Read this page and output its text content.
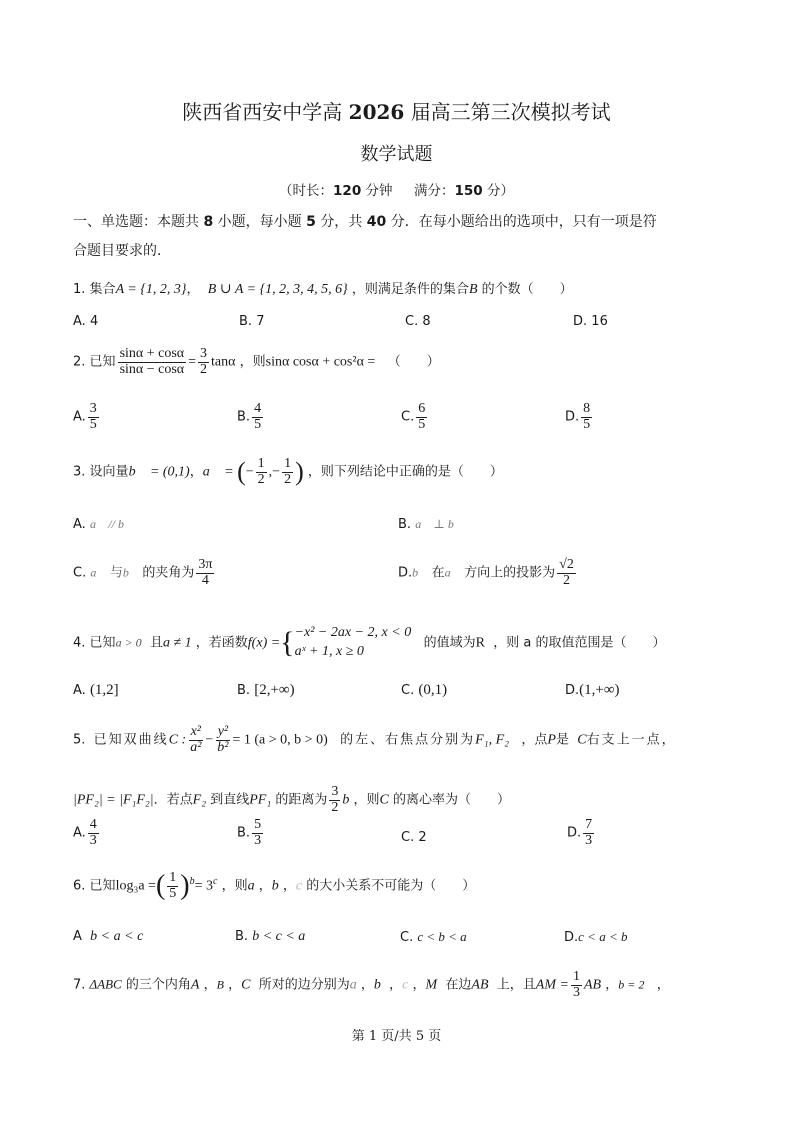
陕西省西安中学高 2026 届高三第三次模拟考试
数学试题
（时长：120 分钟 满分：150 分）
一、单选题：本题共 8 小题，每小题 5 分，共 40 分．在每小题给出的选项中，只有一项是符
合题目要求的．
1. 集合A = {1, 2, 3}， B ∪ A = {1, 2, 3, 4, 5, 6} ，则满足条件的集合B 的个数（　　）
A. 4	B. 7	C. 8	D. 16
2. 已知 $\frac{\sin\alpha + \cos\alpha}{\sin\alpha - \cos\alpha} = \frac{3}{2}$ tanα ，则sinα cosα + cos²α = （　　）
A. $\frac{3}{5}$	B. $\frac{4}{5}$	C. $\frac{6}{5}$	D. $\frac{8}{5}$
3. 设向量b⃗ = (0,1)，a⃗ = (− $\frac{1}{2}$ ,− $\frac{1}{2}$ ) ，则下列结论中正确的是（　　）
A. a⃗ // b⃗	B. a⃗ ⊥ b⃗
C. a⃗ 与b⃗ 的夹角为 $\frac{3\pi}{4}$	D.b⃗ 在a⃗ 方向上的投影为 $\frac{√2}{2}$
4. 已知a > 0 且a ≠ 1 ，若函数f(x) ={ −x² − 2ax − 2, x < 0
aˣ + 1, x ≥ 0
的值域为R ，则 a 的取值范围是（　　）
A. (1,2]	B. [2,+∞)	C. (0,1)	D.(1,+∞)
5. 已知双曲线C : $\frac{\text{x²}}{\text{a²}} - \frac{\text{y²}}{\text{b²}} = 1$ (a > 0, b > 0) 的左、右焦点分别为F₁, F₂ ，点P是 C右支上一点，
|PF₂| = |F₁F₂|．若点F₂ 到直线PF₁ 的距离为 $\frac{3}{2}$ b ，则C 的离心率为（　　）
A. $\frac{4}{3}$	B. $\frac{5}{3}$	C. 2	D. $\frac{7}{3}$
6. 已知log₃a =( $\frac{1}{5} )^b= 3^c$ ，则a ，b ，c 的大小关系不可能为（　　）
A b < a < c	B. b < c < a	C. c < b < a	D.c < a < b
7. ΔABC 的三个内角A ，B ，C 所对的边分别为a ，b  ，c ，M 在边AB  上，且AM = $\frac{1}{3}$ AB ，b = 2 ，
第 1 页/共 5 页
